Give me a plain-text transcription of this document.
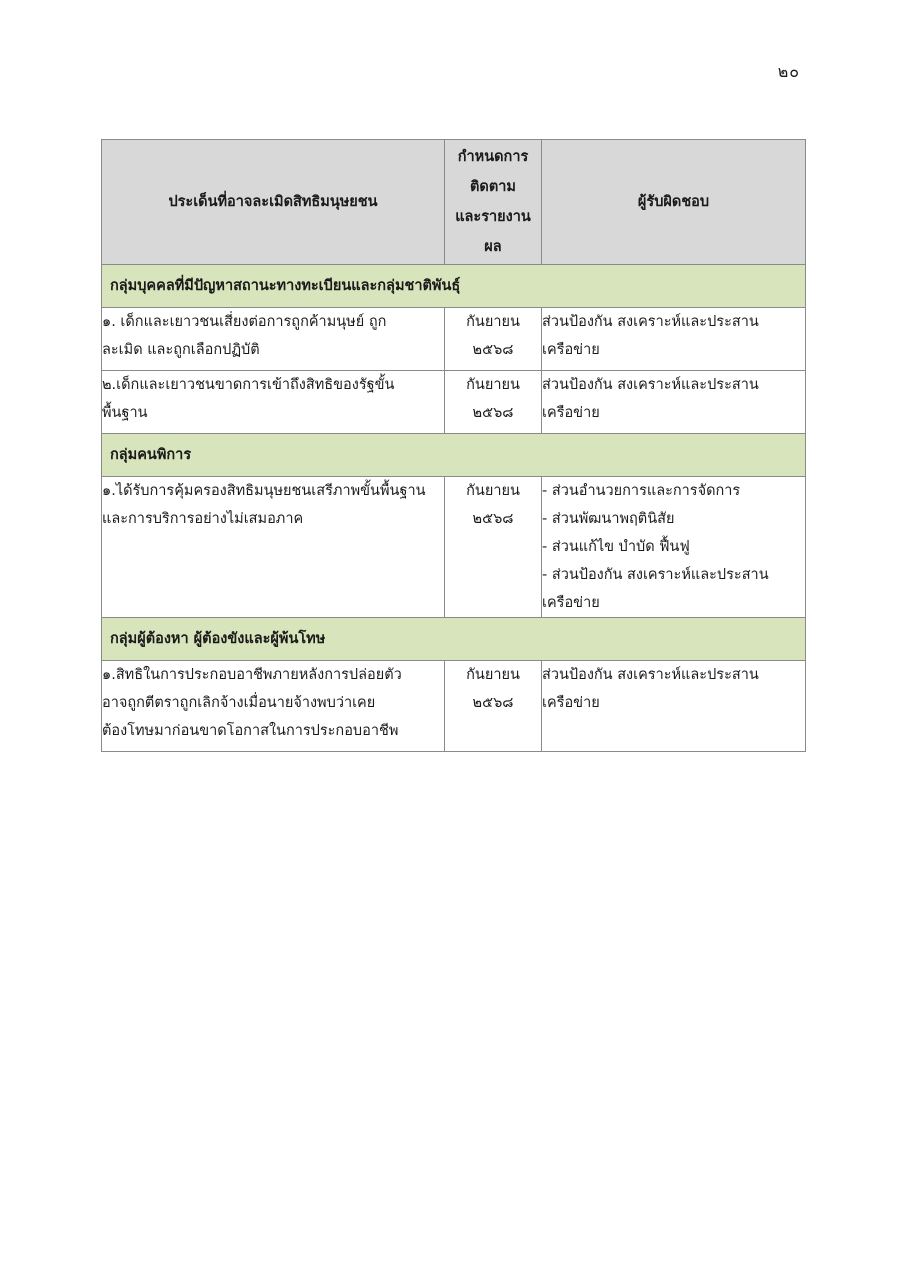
๒๐
ประเด็นที่อาจละเมิดสิทธิมนุษยชน	กำหนดการ
ติดตาม
และรายงาน
ผล	ผู้รับผิดชอบ
กลุ่มบุคคลที่มีปัญหาสถานะทางทะเบียนและกลุ่มชาติพันธุ์		

๑. เด็กและเยาวชนเสี่ยงต่อการถูกค้ามนุษย์ ถูก
ละเมิด และถูกเลือกปฏิบัติ	กันยายน
๒๕๖๘	ส่วนป้องกัน สงเคราะห์และประสาน
เครือข่าย

๒.เด็กและเยาวชนขาดการเข้าถึงสิทธิของรัฐขั้น
พื้นฐาน	กันยายน
๒๕๖๘	ส่วนป้องกัน สงเคราะห์และประสาน
เครือข่าย

กลุ่มคนพิการ		

๑.ได้รับการคุ้มครองสิทธิมนุษยชนเสรีภาพขั้นพื้นฐาน
และการบริการอย่างไม่เสมอภาค	กันยายน
๒๕๖๘	- ส่วนอำนวยการและการจัดการ
- ส่วนพัฒนาพฤตินิสัย
- ส่วนแก้ไข บำบัด ฟื้นฟู
- ส่วนป้องกัน สงเคราะห์และประสาน
เครือข่าย

กลุ่มผู้ต้องหา ผู้ต้องขังและผู้พ้นโทษ		

๑.สิทธิในการประกอบอาชีพภายหลังการปล่อยตัว
อาจถูกตีตราถูกเลิกจ้างเมื่อนายจ้างพบว่าเคย
ต้องโทษมาก่อนขาดโอกาสในการประกอบอาชีพ	กันยายน
๒๕๖๘	ส่วนป้องกัน สงเคราะห์และประสาน
เครือข่าย
